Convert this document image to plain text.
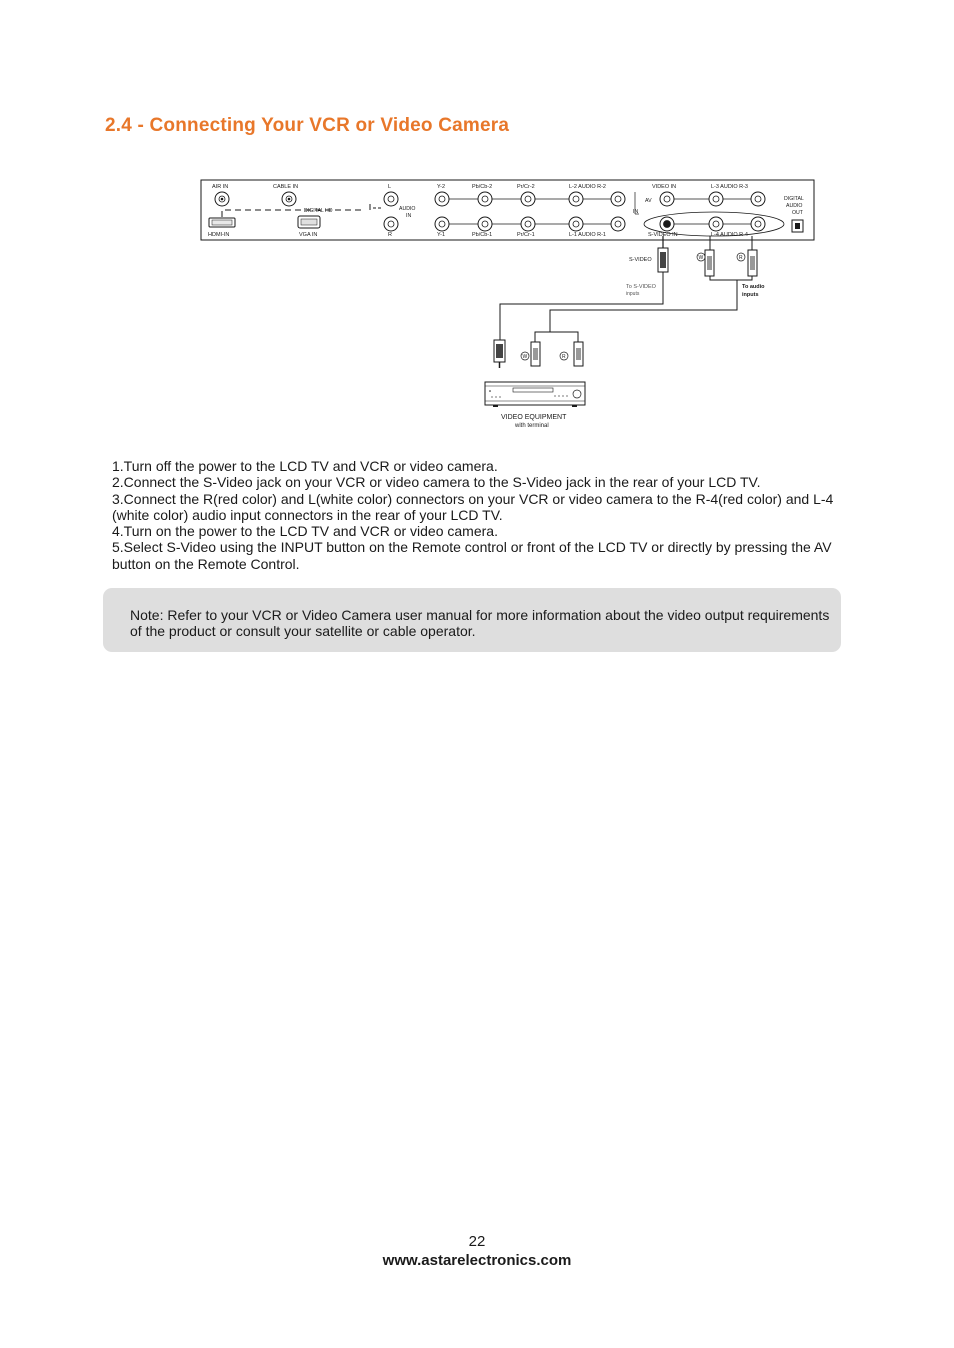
2.4 - Connecting Your VCR or Video Camera
AIR IN	CABLE IN	L	Y-2	Pb/Cb-2	Pr/Cr-2	L-2 AUDIO R-2	VIDEO IN	L-3 AUDIO R-3
HDMI-IN	VGA IN	R	Y-1	Pb/Cb-1	Pr/Cr-1	L-1 AUDIO R-1	S-VIDEO IN	L-4 AUDIO R-4
DIGITAL HD	AUDIO
IN
AV
IN
DIGITAL
AUDIO
OUT
S-VIDEO	W	R
To S-VIDEO
inputs
To audio
inputs
W	R
VIDEO EQUIPMENT
with terminal
1.Turn off the power to the LCD TV and VCR or video camera.
2.Connect the S-Video jack on your VCR or video camera to the S-Video jack in the rear of your LCD TV.
3.Connect the R(red color) and L(white color) connectors on your VCR or video camera to the R-4(red color) and L-4 (white color) audio input connectors in the rear of your LCD TV.
4.Turn on the power to the LCD TV and VCR or video camera.
5.Select S-Video using the INPUT button on the Remote control or front of the LCD TV or directly by pressing the AV button on the Remote Control.

Note: Refer to your VCR or Video Camera user manual for more information about the video output requirements of the product or consult your satellite or cable operator.

22
www.astarelectronics.com
